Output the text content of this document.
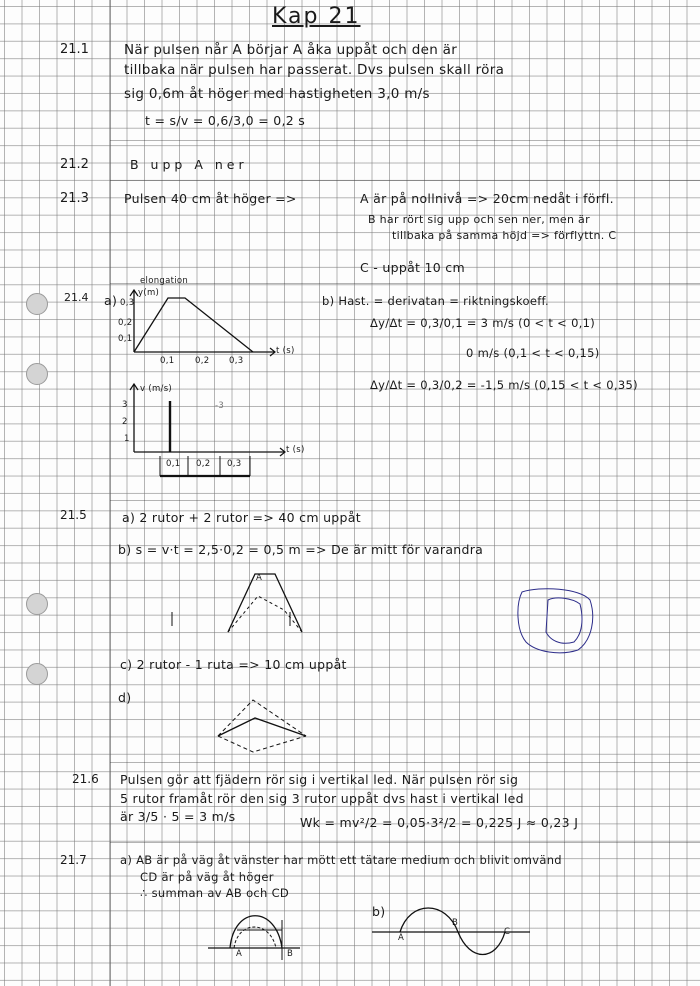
Kap 21
21.1	När pulsen når A börjar A åka uppåt och den är
tillbaka när pulsen har passerat. Dvs pulsen skall röra
sig 0,6m åt höger med hastigheten 3,0 m/s
t = s/v = 0,6/3,0 = 0,2 s
21.2	B upp A ner
21.3	Pulsen 40 cm åt höger =>	A är på nollnivå => 20cm nedåt i förfl.
B har rört sig upp och sen ner, men är
tillbaka på samma höjd => förflyttn. C
C - uppåt 10 cm
21.4 a)	b) Hast. = derivatan = riktningskoeff.
Δy/Δt = 0,3/0,1 = 3 m/s (0 < t < 0,1)
0 m/s (0,1 < t < 0,15)
Δy/Δt = 0,3/0,2 = -1,5 m/s (0,15 < t < 0,35)
elongation
y(m)
0,3
0,2
0,1
0,1 0,2 0,3
t (s)
v (m/s)
3
2
1
0,1 0,2 0,3
t (s)
-3
21.5	a) 2 rutor + 2 rutor => 40 cm uppåt
b) s = v·t = 2,5·0,2 = 0,5 m => De är mitt för varandra
c) 2 rutor - 1 ruta => 10 cm uppåt
d)
A
21.6 Pulsen gör att fjädern rör sig i vertikal led. När pulsen rör sig
5 rutor framåt rör den sig 3 rutor uppåt dvs hast i vertikal led
är 3/5 · 5 = 3 m/s	Wk = mv²/2 = 0,05·3²/2 = 0,225 J ≈ 0,23 J
21.7	a) AB är på väg åt vänster har mött ett tätare medium och blivit omvänd
CD är på väg åt höger
∴ summan av AB och CD
b)
A
B
C
A	B
